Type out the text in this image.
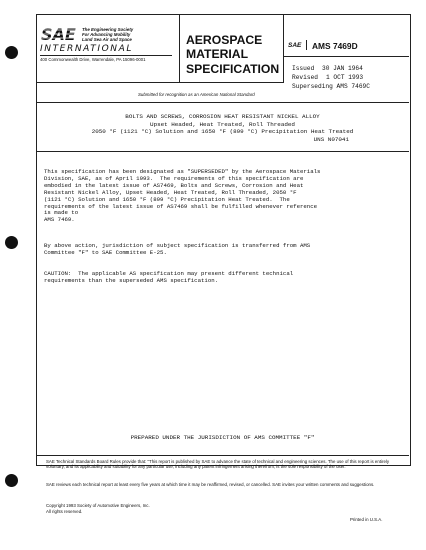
SAE The Engineering Society
For Advancing Mobility
Land Sea Air and Space
INTERNATIONAL
400 Commonwealth Drive, Warrendale, PA 15096-0001
AEROSPACE
MATERIAL
SPECIFICATION
SAE AMS 7469D
Issued 30 JAN 1964
Revised 1 OCT 1993
Superseding AMS 7469C
Submitted for recognition as an American National Standard
BOLTS AND SCREWS, CORROSION HEAT RESISTANT NICKEL ALLOY
Upset Headed, Heat Treated, Roll Threaded
2050 °F (1121 °C) Solution and 1650 °F (899 °C) Precipitation Heat Treated
UNS N07041
This specification has been designated as "SUPERSEDED" by the Aerospace Materials
Division, SAE, as of April 1993.  The requirements of this specification are
embodied in the latest issue of AS7469, Bolts and Screws, Corrosion and Heat
Resistant Nickel Alloy, Upset Headed, Heat Treated, Roll Threaded, 2050 °F
(1121 °C) Solution and 1650 °F (899 °C) Precipitation Heat Treated.  The
requirements of the latest issue of AS7469 shall be fulfilled whenever reference
is made to
AMS 7469.
By above action, jurisdiction of subject specification is transferred from AMS
Committee "F" to SAE Committee E-25.
CAUTION:  The applicable AS specification may present different technical
requirements than the superseded AMS specification.
PREPARED UNDER THE JURISDICTION OF AMS COMMITTEE "F"
SAE Technical Standards Board Rules provide that: "This report is published by SAE to advance the state of technical and engineering sciences. The use of this report is entirely voluntary, and its applicability and suitability for any particular use, including any patent infringement arising therefrom, is the sole responsibility of the user."
SAE reviews each technical report at least every five years at which time it may be reaffirmed, revised, or cancelled. SAE invites your written comments and suggestions.
Copyright 1993 Society of Automotive Engineers, Inc.
All rights reserved.
Printed in U.S.A.
